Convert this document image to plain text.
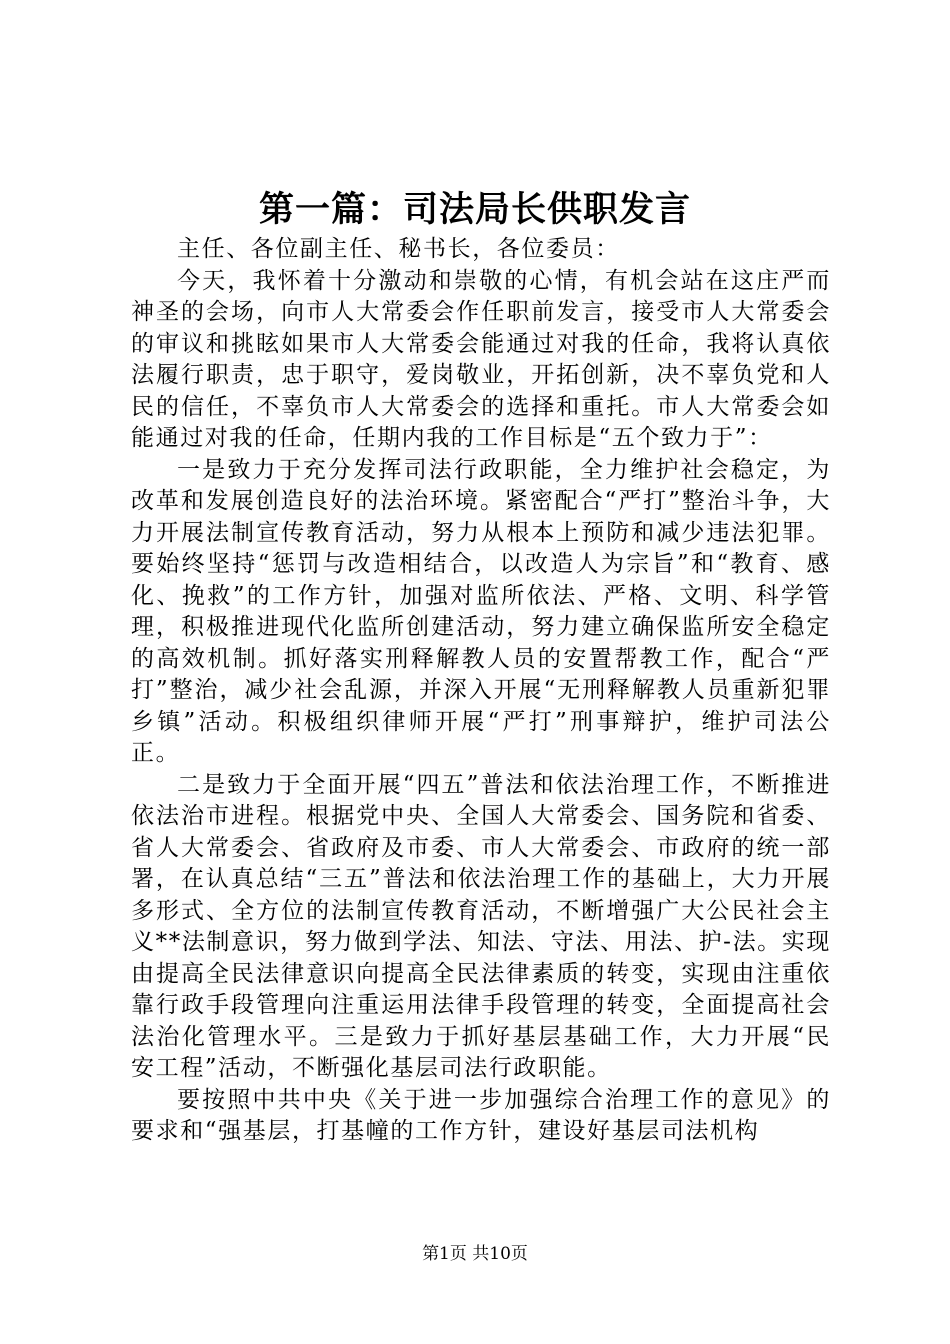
第一篇：司法局长供职发言

主任、各位副主任、秘书长，各位委员：

今天，我怀着十分激动和崇敬的心情，有机会站在这庄严而神圣的会场，向市人大常委会作任职前发言，接受市人大常委会的审议和挑眩如果市人大常委会能通过对我的任命，我将认真依法履行职责，忠于职守，爱岗敬业，开拓创新，决不辜负党和人民的信任，不辜负市人大常委会的选择和重托。市人大常委会如能通过对我的任命，任期内我的工作目标是“五个致力于”：

一是致力于充分发挥司法行政职能，全力维护社会稳定，为改革和发展创造良好的法治环境。紧密配合“严打”整治斗争，大力开展法制宣传教育活动，努力从根本上预防和减少违法犯罪。要始终坚持“惩罚与改造相结合，以改造人为宗旨”和“教育、感化、挽救”的工作方针，加强对监所依法、严格、文明、科学管理，积极推进现代化监所创建活动，努力建立确保监所安全稳定的高效机制。抓好落实刑释解教人员的安置帮教工作，配合“严打”整治，减少社会乱源，并深入开展“无刑释解教人员重新犯罪乡镇”活动。积极组织律师开展“严打”刑事辩护，维护司法公正。

二是致力于全面开展“四五”普法和依法治理工作，不断推进依法治市进程。根据党中央、全国人大常委会、国务院和省委、省人大常委会、省政府及市委、市人大常委会、市政府的统一部署，在认真总结“三五”普法和依法治理工作的基础上，大力开展多形式、全方位的法制宣传教育活动，不断增强广大公民社会主义**法制意识，努力做到学法、知法、守法、用法、护-法。实现由提高全民法律意识向提高全民法律素质的转变，实现由注重依靠行政手段管理向注重运用法律手段管理的转变，全面提高社会法治化管理水平。三是致力于抓好基层基础工作，大力开展“民安工程”活动，不断强化基层司法行政职能。

要按照中共中央《关于进一步加强综合治理工作的意见》的要求和“强基层，打基幢的工作方针，建设好基层司法机构

第1页 共10页
